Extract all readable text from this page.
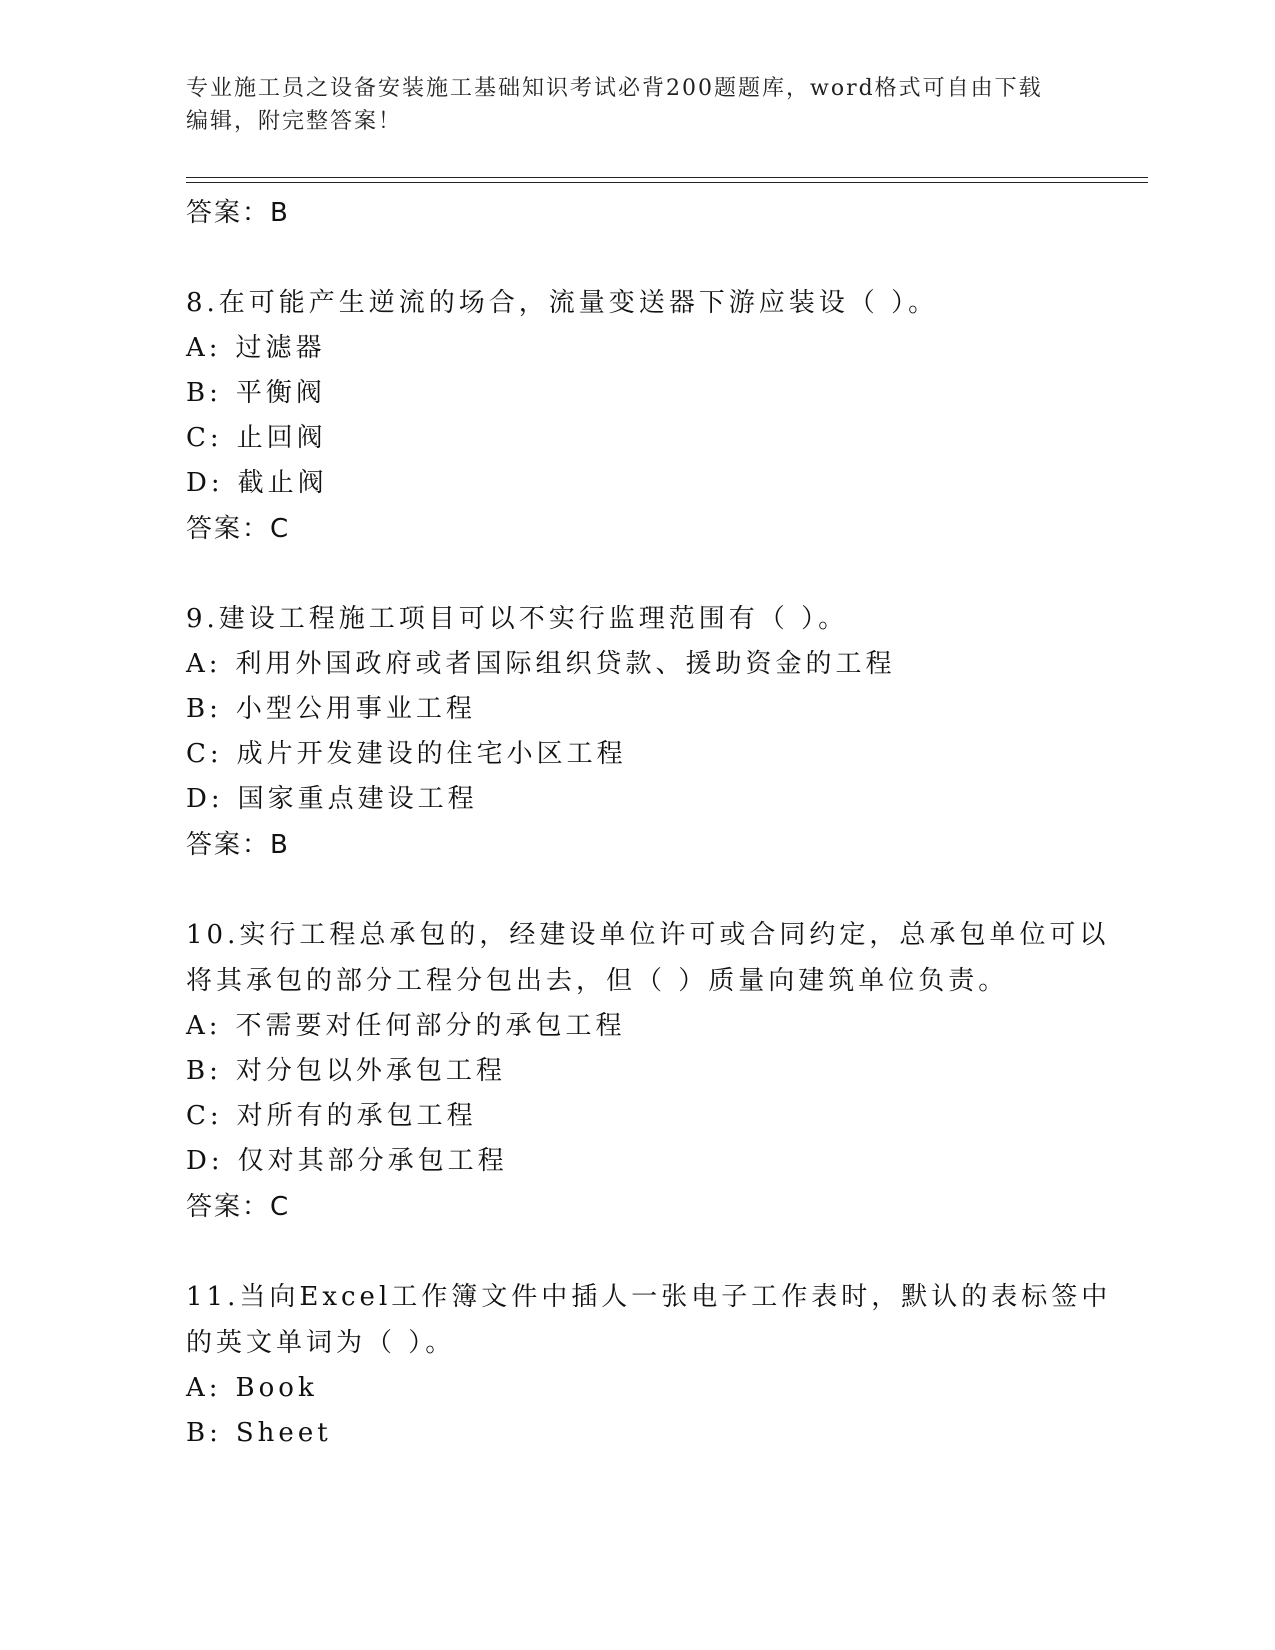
专业施工员之设备安装施工基础知识考试必背200题题库，word格式可自由下载
编辑，附完整答案！
答案：B

8.在可能产生逆流的场合，流量变送器下游应装设（ ）。

A: 过滤器
B: 平衡阀
C: 止回阀
D: 截止阀
答案：C

9.建设工程施工项目可以不实行监理范围有（ ）。

A: 利用外国政府或者国际组织贷款、援助资金的工程
B: 小型公用事业工程
C: 成片开发建设的住宅小区工程
D: 国家重点建设工程
答案：B

10.实行工程总承包的，经建设单位许可或合同约定，总承包单位可以将其承包的部分工程分包出去，但（ ）质量向建筑单位负责。

A: 不需要对任何部分的承包工程
B: 对分包以外承包工程
C: 对所有的承包工程
D: 仅对其部分承包工程
答案：C

11.当向Excel工作簿文件中插人一张电子工作表时，默认的表标签中的英文单词为（ ）。

A: Book
B: Sheet
